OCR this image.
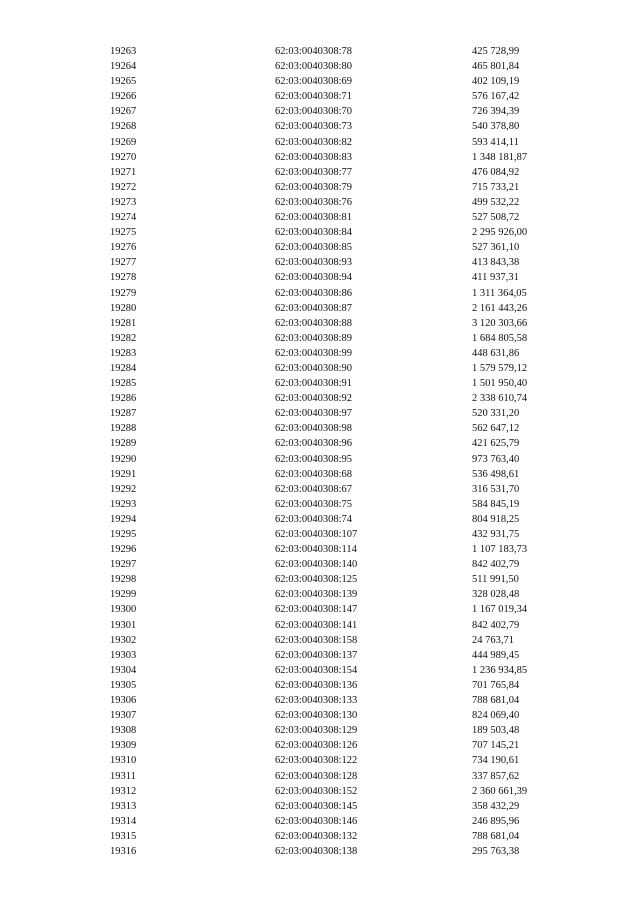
19263	62:03:0040308:78	425 728,99
19264	62:03:0040308:80	465 801,84
19265	62:03:0040308:69	402 109,19
19266	62:03:0040308:71	576 167,42
19267	62:03:0040308:70	726 394,39
19268	62:03:0040308:73	540 378,80
19269	62:03:0040308:82	593 414,11
19270	62:03:0040308:83	1 348 181,87
19271	62:03:0040308:77	476 084,92
19272	62:03:0040308:79	715 733,21
19273	62:03:0040308:76	499 532,22
19274	62:03:0040308:81	527 508,72
19275	62:03:0040308:84	2 295 926,00
19276	62:03:0040308:85	527 361,10
19277	62:03:0040308:93	413 843,38
19278	62:03:0040308:94	411 937,31
19279	62:03:0040308:86	1 311 364,05
19280	62:03:0040308:87	2 161 443,26
19281	62:03:0040308:88	3 120 303,66
19282	62:03:0040308:89	1 684 805,58
19283	62:03:0040308:99	448 631,86
19284	62:03:0040308:90	1 579 579,12
19285	62:03:0040308:91	1 501 950,40
19286	62:03:0040308:92	2 338 610,74
19287	62:03:0040308:97	520 331,20
19288	62:03:0040308:98	562 647,12
19289	62:03:0040308:96	421 625,79
19290	62:03:0040308:95	973 763,40
19291	62:03:0040308:68	536 498,61
19292	62:03:0040308:67	316 531,70
19293	62:03:0040308:75	584 845,19
19294	62:03:0040308:74	804 918,25
19295	62:03:0040308:107	432 931,75
19296	62:03:0040308:114	1 107 183,73
19297	62:03:0040308:140	842 402,79
19298	62:03:0040308:125	511 991,50
19299	62:03:0040308:139	328 028,48
19300	62:03:0040308:147	1 167 019,34
19301	62:03:0040308:141	842 402,79
19302	62:03:0040308:158	24 763,71
19303	62:03:0040308:137	444 989,45
19304	62:03:0040308:154	1 236 934,85
19305	62:03:0040308:136	701 765,84
19306	62:03:0040308:133	788 681,04
19307	62:03:0040308:130	824 069,40
19308	62:03:0040308:129	189 503,48
19309	62:03:0040308:126	707 145,21
19310	62:03:0040308:122	734 190,61
19311	62:03:0040308:128	337 857,62
19312	62:03:0040308:152	2 360 661,39
19313	62:03:0040308:145	358 432,29
19314	62:03:0040308:146	246 895,96
19315	62:03:0040308:132	788 681,04
19316	62:03:0040308:138	295 763,38
